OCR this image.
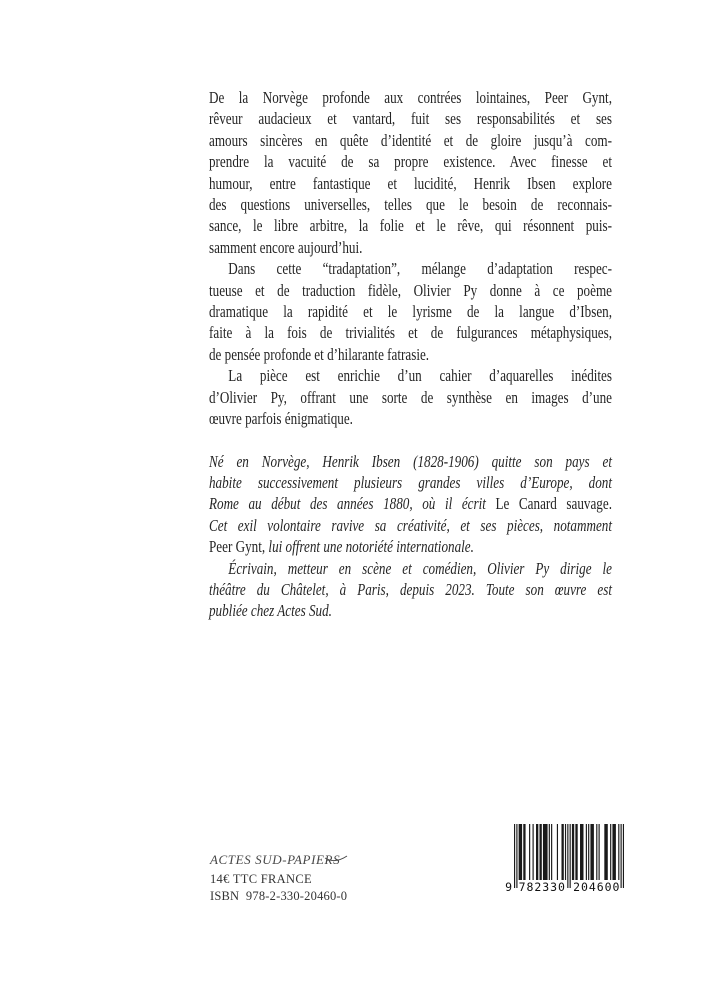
De la Norvège profonde aux contrées lointaines, Peer Gynt,
rêveur audacieux et vantard, fuit ses responsabilités et ses
amours sincères en quête d’identité et de gloire jusqu’à com-
prendre la vacuité de sa propre existence. Avec finesse et
humour, entre fantastique et lucidité, Henrik Ibsen explore
des questions universelles, telles que le besoin de reconnais-
sance, le libre arbitre, la folie et le rêve, qui résonnent puis-
samment encore aujourd’hui.
Dans cette “tradaptation”, mélange d’adaptation respec-
tueuse et de traduction fidèle, Olivier Py donne à ce poème
dramatique la rapidité et le lyrisme de la langue d’Ibsen,
faite à la fois de trivialités et de fulgurances métaphysiques,
de pensée profonde et d’hilarante fatrasie.
La pièce est enrichie d’un cahier d’aquarelles inédites
d’Olivier Py, offrant une sorte de synthèse en images d’une
œuvre parfois énigmatique.
Né en Norvège, Henrik Ibsen (1828-1906) quitte son pays et
habite successivement plusieurs grandes villes d’Europe, dont
Rome au début des années 1880, où il écrit Le Canard sauvage.
Cet exil volontaire ravive sa créativité, et ses pièces, notamment
Peer Gynt, lui offrent une notoriété internationale.
Écrivain, metteur en scène et comédien, Olivier Py dirige le
théâtre du Châtelet, à Paris, depuis 2023. Toute son œuvre est
publiée chez Actes Sud.
ACTES SUD-PAPIERS
14€ TTC FRANCE
ISBN  978-2-330-20460-0
9 782330 204600
